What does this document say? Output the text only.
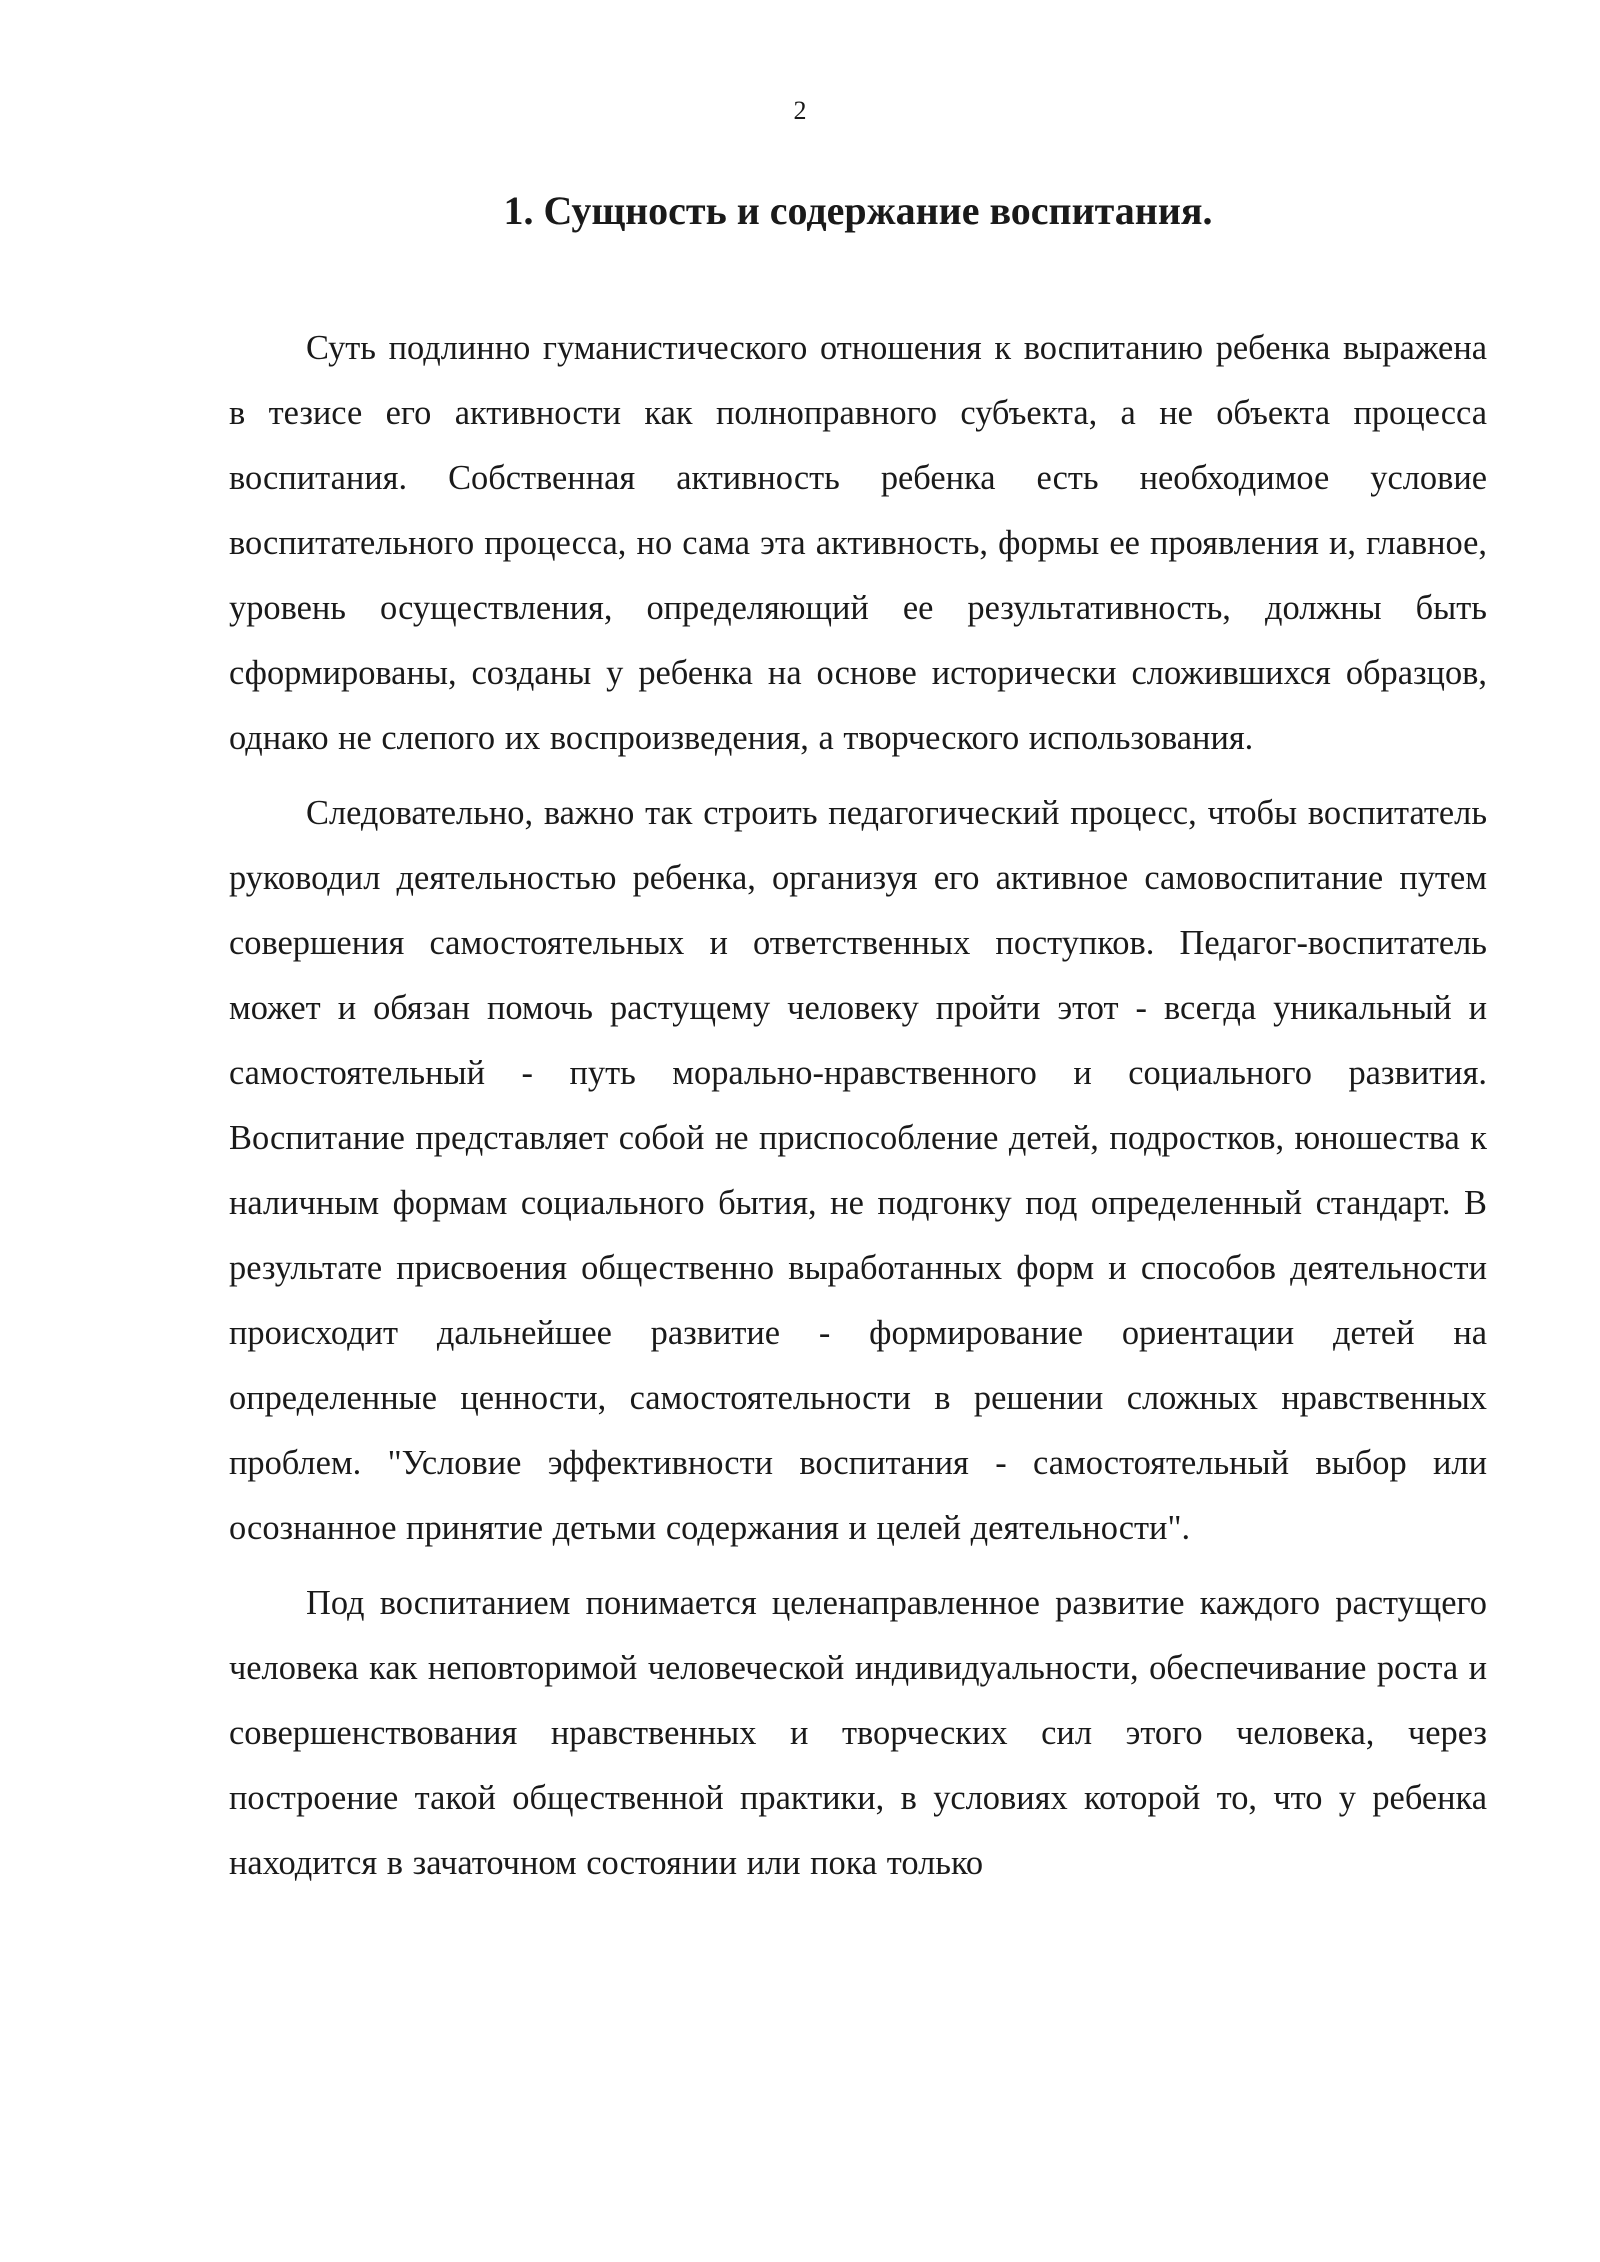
2

1. Сущность и содержание воспитания.

Суть подлинно гуманистического отношения к воспитанию ребенка выражена в тезисе его активности как полноправного субъекта, а не объекта процесса воспитания. Собственная активность ребенка есть необходимое условие воспитательного процесса, но сама эта активность, формы ее проявления и, главное, уровень осуществления, определяющий ее результативность, должны быть сформированы, созданы у ребенка на основе исторически сложившихся образцов, однако не слепого их воспроизведения, а творческого использования.

Следовательно, важно так строить педагогический процесс, чтобы воспитатель руководил деятельностью ребенка, организуя его активное самовоспитание путем совершения самостоятельных и ответственных поступков. Педагог-воспитатель может и обязан помочь растущему человеку пройти этот - всегда уникальный и самостоятельный - путь морально-нравственного и социального развития. Воспитание представляет собой не приспособление детей, подростков, юношества к наличным формам социального бытия, не подгонку под определенный стандарт. В результате присвоения общественно выработанных форм и способов деятельности происходит дальнейшее развитие - формирование ориентации детей на определенные ценности, самостоятельности в решении сложных нравственных проблем. "Условие эффективности воспитания - самостоятельный выбор или осознанное принятие детьми содержания и целей деятельности".

Под воспитанием понимается целенаправленное развитие каждого растущего человека как неповторимой человеческой индивидуальности, обеспечивание роста и совершенствования нравственных и творческих сил этого человека, через построение такой общественной практики, в условиях которой то, что у ребенка находится в зачаточном состоянии или пока только
